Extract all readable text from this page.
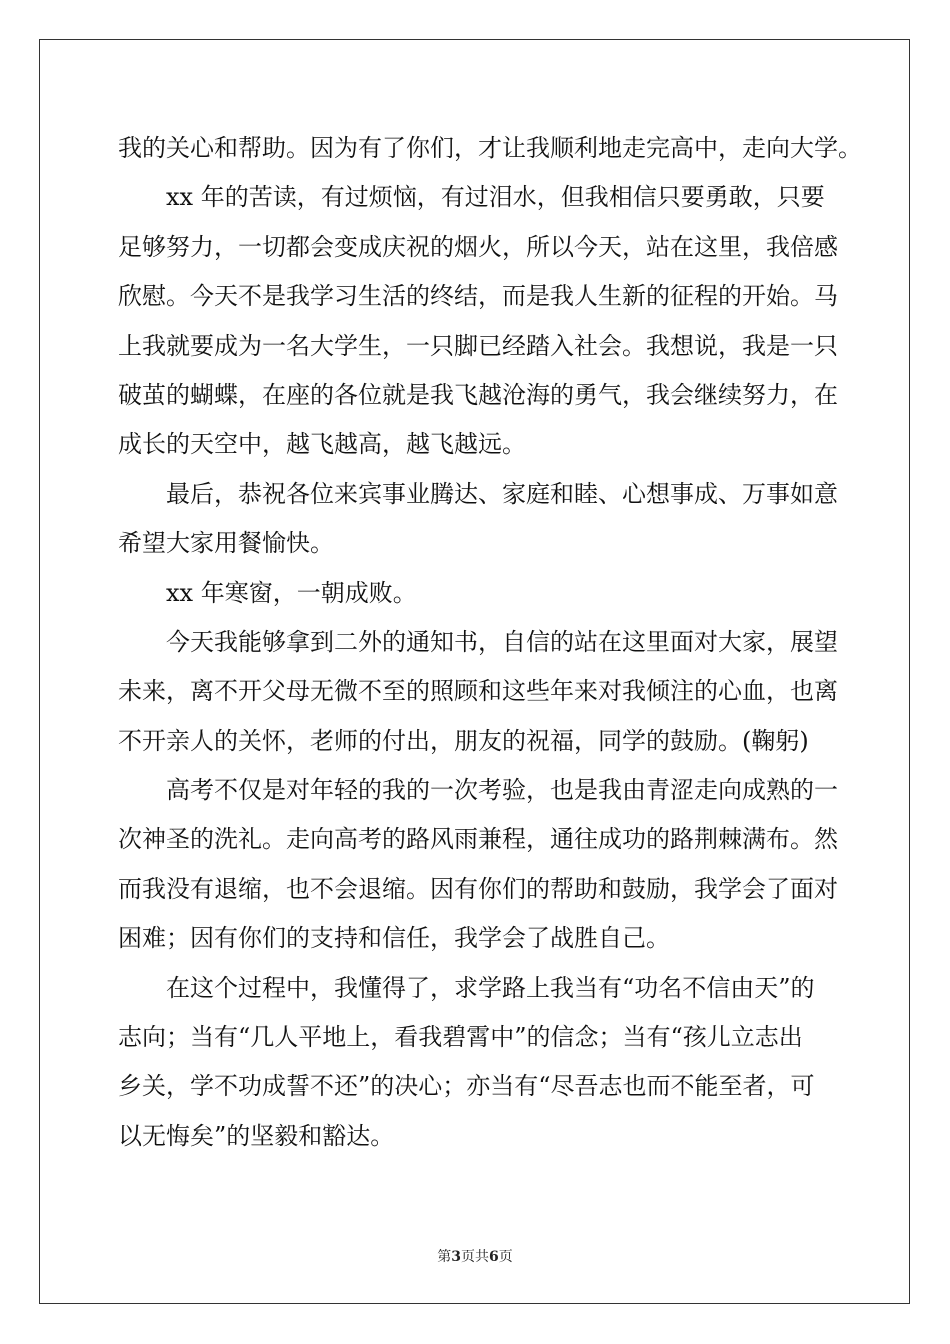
我的关心和帮助。因为有了你们，才让我顺利地走完高中，走向大学。
xx 年的苦读，有过烦恼，有过泪水，但我相信只要勇敢，只要
足够努力，一切都会变成庆祝的烟火，所以今天，站在这里，我倍感
欣慰。今天不是我学习生活的终结，而是我人生新的征程的开始。马
上我就要成为一名大学生，一只脚已经踏入社会。我想说，我是一只
破茧的蝴蝶，在座的各位就是我飞越沧海的勇气，我会继续努力，在
成长的天空中，越飞越高，越飞越远。
最后，恭祝各位来宾事业腾达、家庭和睦、心想事成、万事如意
希望大家用餐愉快。
xx 年寒窗，一朝成败。
今天我能够拿到二外的通知书，自信的站在这里面对大家，展望
未来，离不开父母无微不至的照顾和这些年来对我倾注的心血，也离
不开亲人的关怀，老师的付出，朋友的祝福，同学的鼓励。(鞠躬)
高考不仅是对年轻的我的一次考验，也是我由青涩走向成熟的一
次神圣的洗礼。走向高考的路风雨兼程，通往成功的路荆棘满布。然
而我没有退缩，也不会退缩。因有你们的帮助和鼓励，我学会了面对
困难；因有你们的支持和信任，我学会了战胜自己。
在这个过程中，我懂得了，求学路上我当有“功名不信由天”的
志向；当有“几人平地上，看我碧霄中”的信念；当有“孩儿立志出
乡关，学不功成誓不还”的决心；亦当有“尽吾志也而不能至者，可
以无悔矣”的坚毅和豁达。
第3页共6页
